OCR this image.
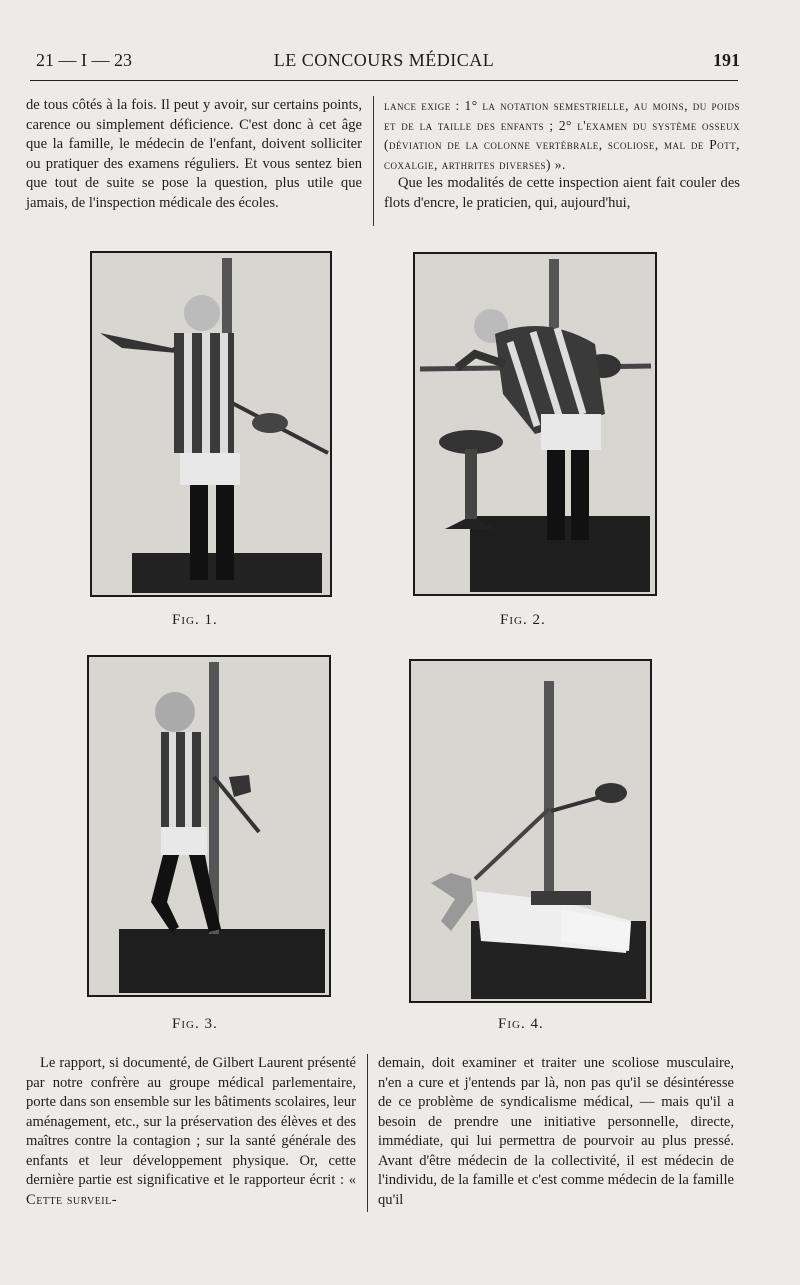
21 — I — 23	LE CONCOURS MÉDICAL	191

de tous côtés à la fois. Il peut y avoir, sur certains points, carence ou simplement déficience. C'est donc à cet âge que la famille, le médecin de l'enfant, doivent solliciter ou pratiquer des examens réguliers. Et vous sentez bien que tout de suite se pose la question, plus utile que jamais, de l'inspection médicale des écoles.

lance exige : 1° la notation semestrielle, au moins, du poids et de la taille des enfants ; 2° l'examen du système osseux (déviation de la colonne vertébrale, scoliose, mal de Pott, coxalgie, arthrites diverses) ».

Que les modalités de cette inspection aient fait couler des flots d'encre, le praticien, qui, aujourd'hui,

Fig. 1.	Fig. 2.
Fig. 3.	Fig. 4.

Le rapport, si documenté, de Gilbert Laurent présenté par notre confrère au groupe médical parlementaire, porte dans son ensemble sur les bâtiments scolaires, leur aménagement, etc., sur la préservation des élèves et des maîtres contre la contagion ; sur la santé générale des enfants et leur développement physique. Or, cette dernière partie est significative et le rapporteur écrit : « Cette surveil-

demain, doit examiner et traiter une scoliose musculaire, n'en a cure et j'entends par là, non pas qu'il se désintéresse de ce problème de syndicalisme médical, — mais qu'il a besoin de prendre une initiative personnelle, directe, immédiate, qui lui permettra de pourvoir au plus pressé. Avant d'être médecin de la collectivité, il est médecin de l'individu, de la famille et c'est comme médecin de la famille qu'il
